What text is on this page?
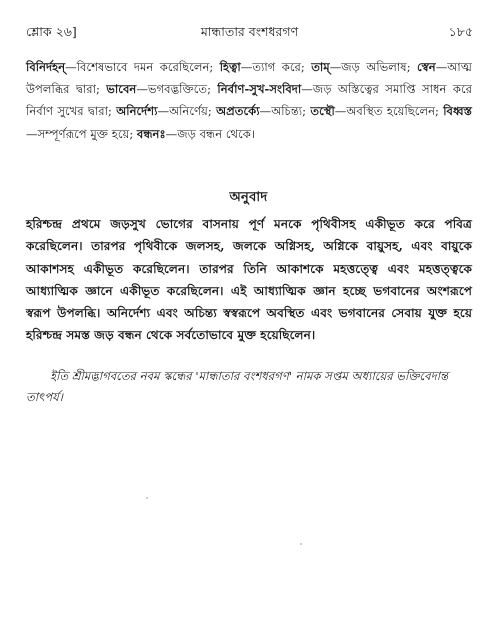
শ্লোক ২৬]	মান্ধাতার বংশধরগণ	১৮৫
বিনির্দহন্—বিশেষভাবে দমন করেছিলেন; হিত্বা—ত্যাগ করে; তাম্—জড় অভিলাষ; স্বেন—আত্ম উপলব্ধির দ্বারা; ভাবেন—ভগবদ্ভক্তিতে; নির্বাণ-সুখ-সংবিদা—জড় অস্তিত্বের সমাপ্তি সাধন করে নির্বাণ সুখের দ্বারা; অনির্দেশ্য—অনির্ণেয়; অপ্রতর্ক্যে—অচিন্ত্য; তস্থৌ—অবস্থিত হয়েছিলেন; বিধ্বস্ত—সম্পূর্ণরূপে মুক্ত হয়ে; বন্ধনঃ—জড় বন্ধন থেকে।
অনুবাদ
হরিশ্চন্দ্র প্রথমে জড়সুখ ভোগের বাসনায় পূর্ণ মনকে পৃথিবীসহ একীভূত করে পবিত্র করেছিলেন। তারপর পৃথিবীকে জলসহ, জলকে অগ্নিসহ, অগ্নিকে বায়ুসহ, এবং বায়ুকে আকাশসহ একীভূত করেছিলেন। তারপর তিনি আকাশকে মহত্তত্ত্বে এবং মহত্তত্ত্বকে আধ্যাত্মিক জ্ঞানে একীভূত করেছিলেন। এই আধ্যাত্মিক জ্ঞান হচ্ছে ভগবানের অংশরূপে স্বরূপ উপলব্ধি। অনির্দেশ্য এবং অচিন্ত্য স্বস্বরূপে অবস্থিত এবং ভগবানের সেবায় যুক্ত হয়ে হরিশ্চন্দ্র সমস্ত জড় বন্ধন থেকে সর্বতোভাবে মুক্ত হয়েছিলেন।
ইতি শ্রীমদ্ভাগবতের নবম স্কন্ধের 'মান্ধাতার বংশধরগণ' নামক সপ্তম অধ্যায়ের ভক্তিবেদান্ত তাৎপর্য।
